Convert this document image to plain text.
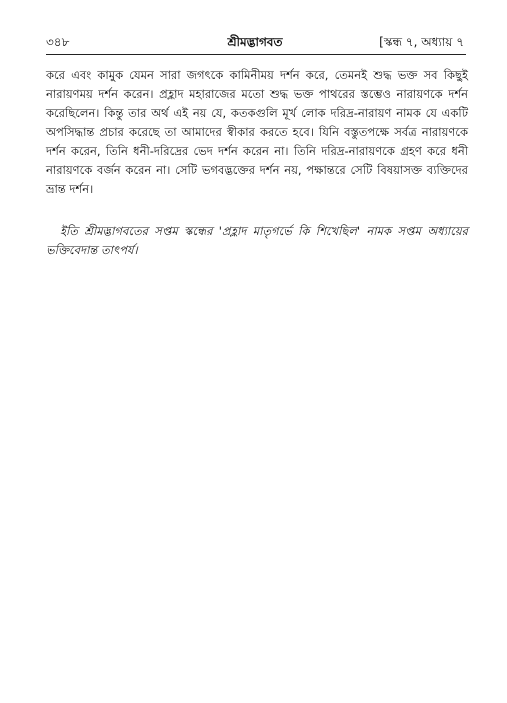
৩৪৮	শ্রীমদ্ভাগবত	[স্কন্ধ ৭, অধ্যায় ৭

করে এবং কামুক যেমন সারা জগৎকে কামিনীময় দর্শন করে, তেমনই শুদ্ধ ভক্ত সব কিছুই নারায়ণময় দর্শন করেন। প্রহ্লাদ মহারাজের মতো শুদ্ধ ভক্ত পাথরের স্তম্ভেও নারায়ণকে দর্শন করেছিলেন। কিন্তু তার অর্থ এই নয় যে, কতকগুলি মূর্খ লোক দরিদ্র-নারায়ণ নামক যে একটি অপসিদ্ধান্ত প্রচার করেছে তা আমাদের স্বীকার করতে হবে। যিনি বস্তুতপক্ষে সর্বত্র নারায়ণকে দর্শন করেন, তিনি ধনী-দরিদ্রের ভেদ দর্শন করেন না। তিনি দরিদ্র-নারায়ণকে গ্রহণ করে ধনী নারায়ণকে বর্জন করেন না। সেটি ভগবদ্ভক্তের দর্শন নয়, পক্ষান্তরে সেটি বিষয়াসক্ত ব্যক্তিদের ভ্রান্ত দর্শন।

ইতি শ্রীমদ্ভাগবতের সপ্তম স্কন্ধের 'প্রহ্লাদ মাতৃগর্ভে কি শিখেছিল' নামক সপ্তম অধ্যায়ের ভক্তিবেদান্ত তাৎপর্য।
